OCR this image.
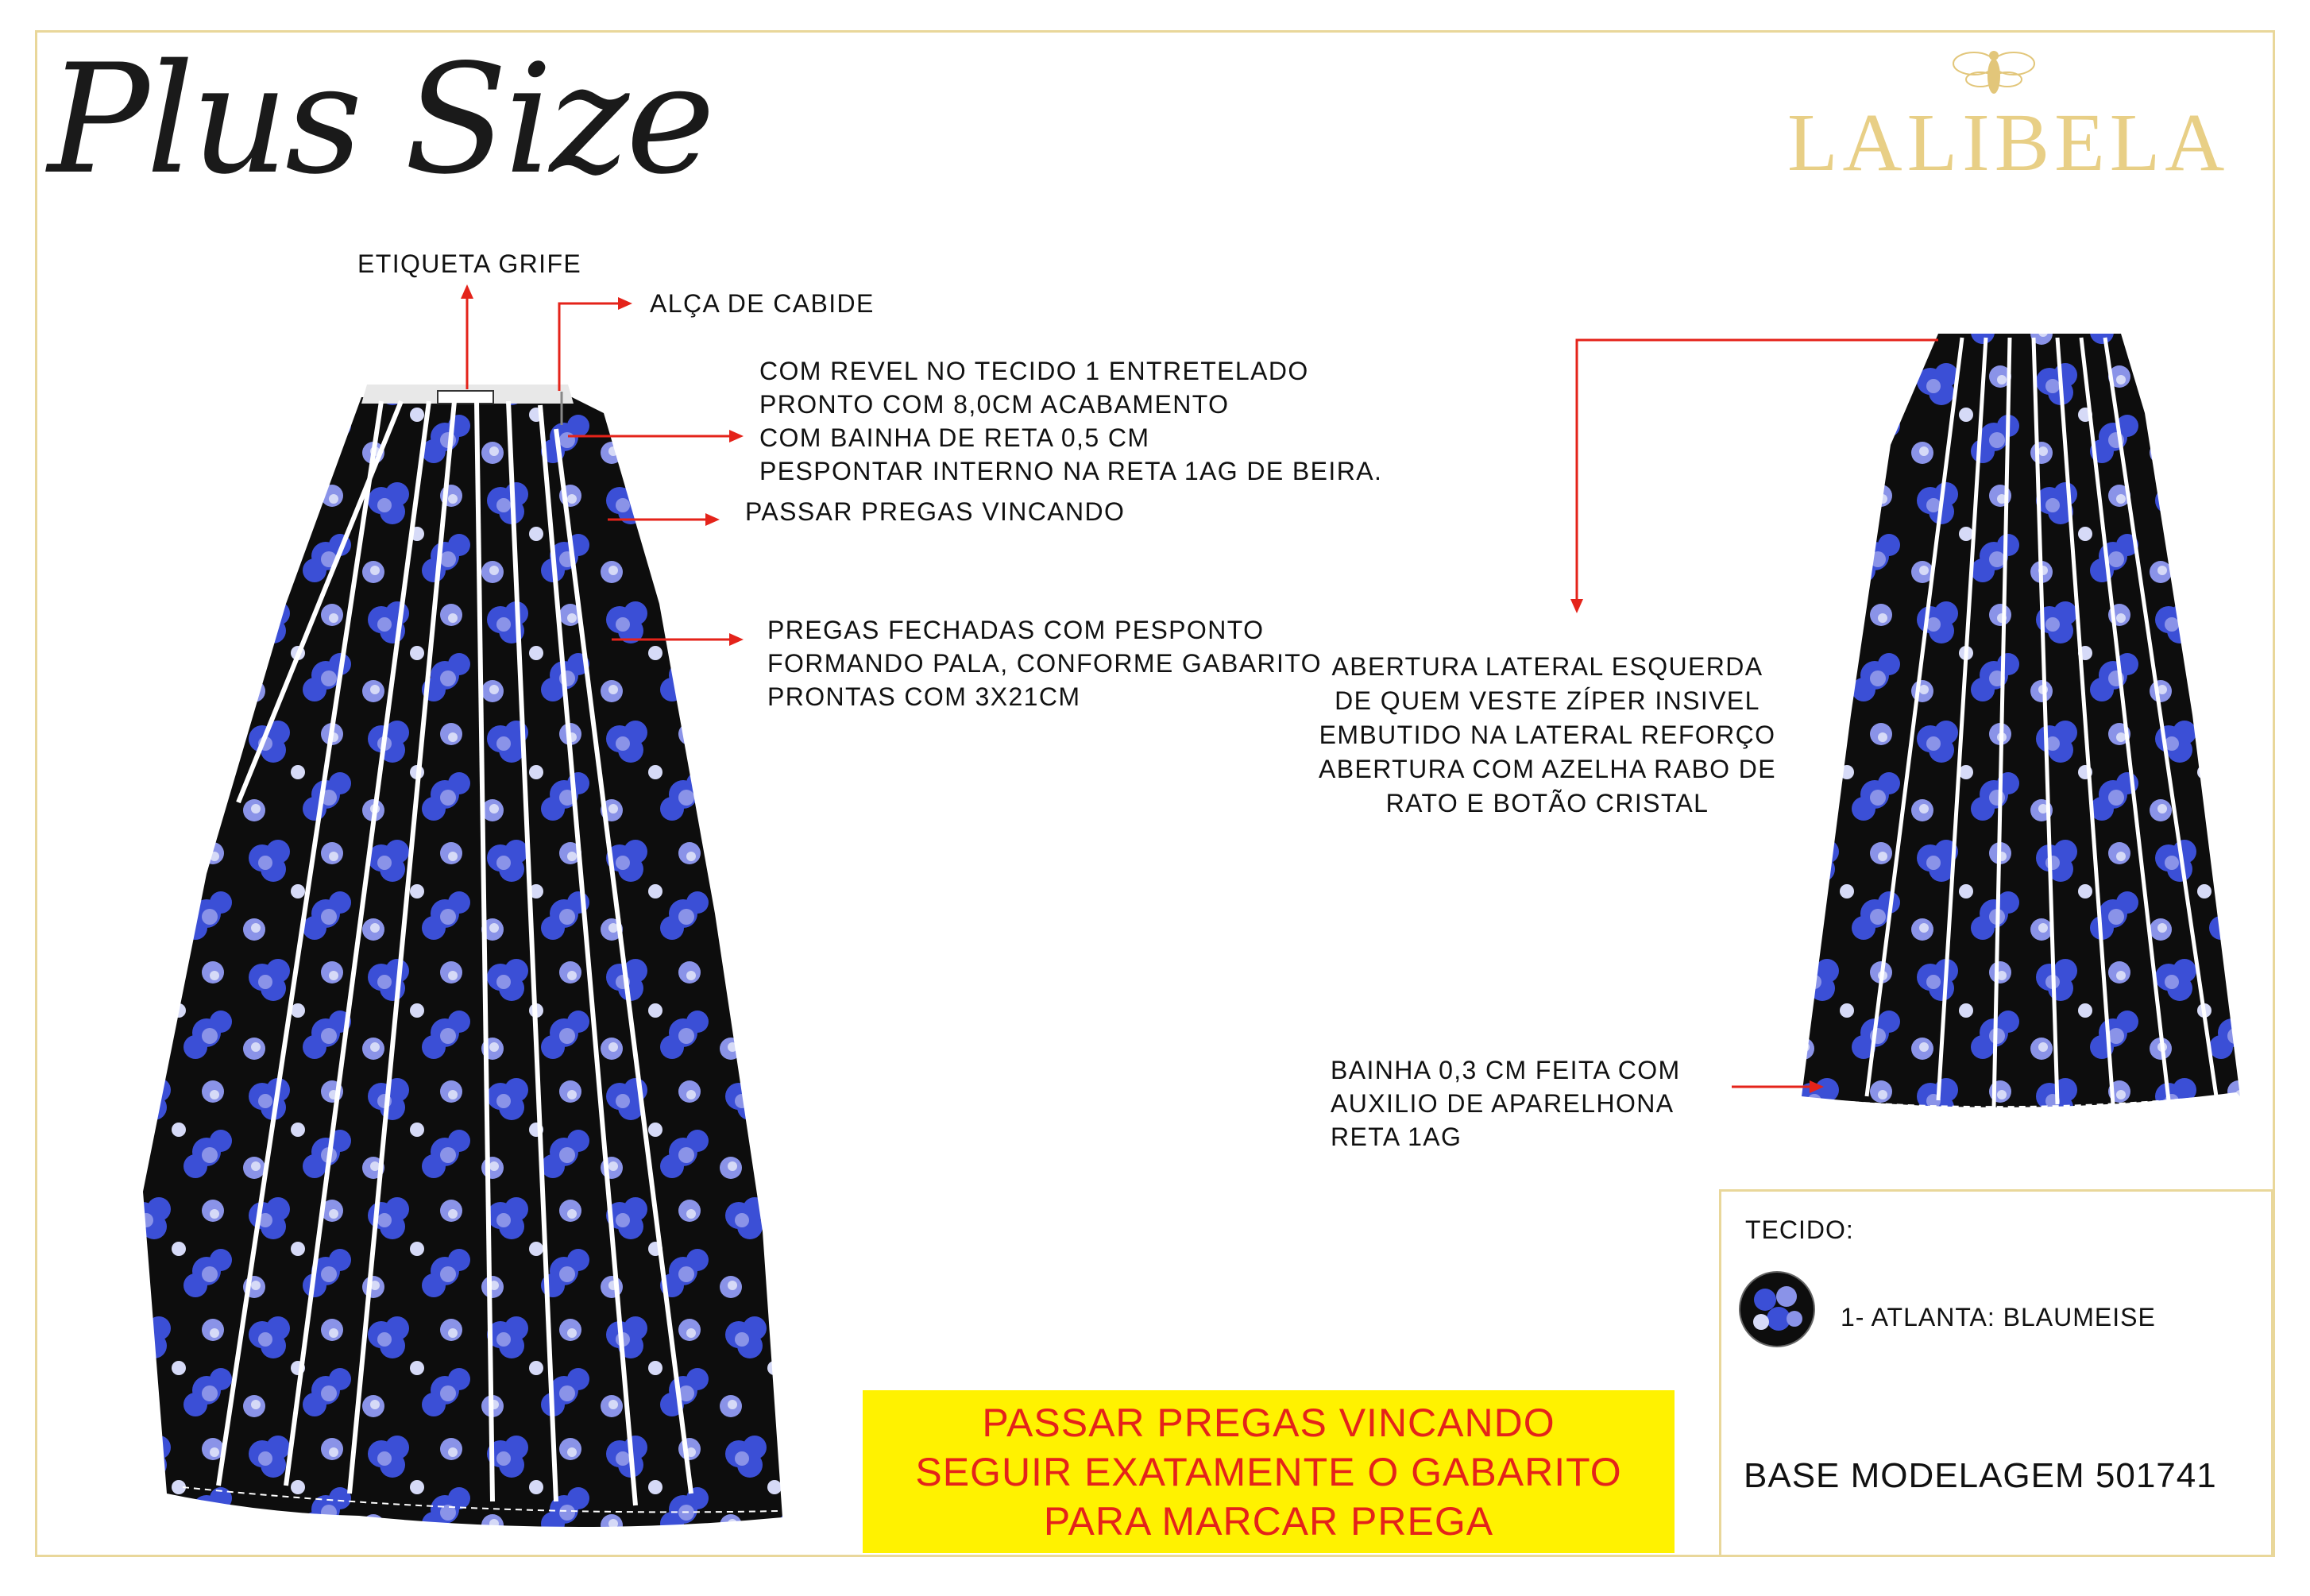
Plus Size	LALIBELA
ETIQUETA GRIFE
ALÇA DE CABIDE
COM REVEL NO TECIDO 1 ENTRETELADO
PRONTO COM 8,0CM ACABAMENTO
COM BAINHA DE RETA 0,5 CM
PESPONTAR INTERNO NA RETA 1AG DE BEIRA.
PASSAR PREGAS VINCANDO
PREGAS FECHADAS COM PESPONTO
FORMANDO PALA, CONFORME GABARITO
PRONTAS COM 3X21CM
ABERTURA LATERAL ESQUERDA
DE QUEM VESTE ZÍPER INSIVEL
EMBUTIDO NA LATERAL REFORÇO
ABERTURA COM AZELHA RABO DE
RATO E BOTÃO CRISTAL
BAINHA 0,3 CM FEITA COM
AUXILIO DE APARELHONA
RETA 1AG
PASSAR PREGAS VINCANDO
SEGUIR EXATAMENTE O GABARITO
PARA MARCAR PREGA
TECIDO:
1- ATLANTA: BLAUMEISE
BASE MODELAGEM 501741
